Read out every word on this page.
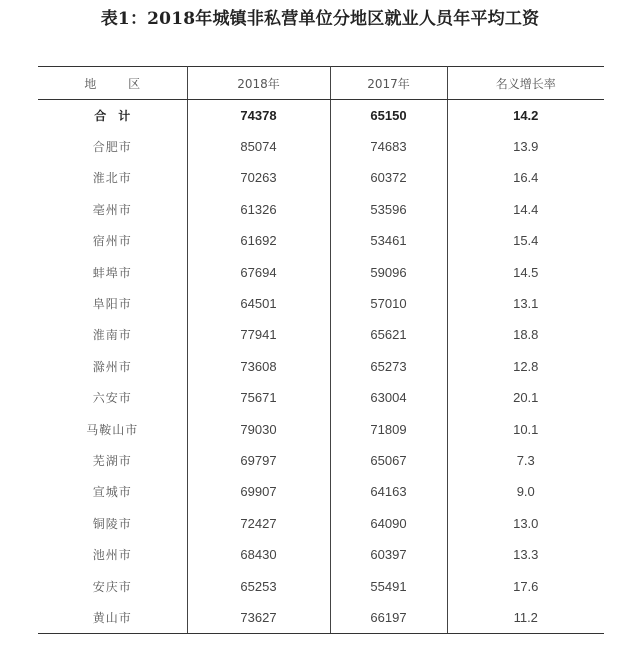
表1：2018年城镇非私营单位分地区就业人员年平均工资
地 区	2018年	2017年	名义增长率
合计	74378	65150	14.2
合肥市	85074	74683	13.9
淮北市	70263	60372	16.4
亳州市	61326	53596	14.4
宿州市	61692	53461	15.4
蚌埠市	67694	59096	14.5
阜阳市	64501	57010	13.1
淮南市	77941	65621	18.8
滁州市	73608	65273	12.8
六安市	75671	63004	20.1
马鞍山市	79030	71809	10.1
芜湖市	69797	65067	7.3
宣城市	69907	64163	9.0
铜陵市	72427	64090	13.0
池州市	68430	60397	13.3
安庆市	65253	55491	17.6
黄山市	73627	66197	11.2
